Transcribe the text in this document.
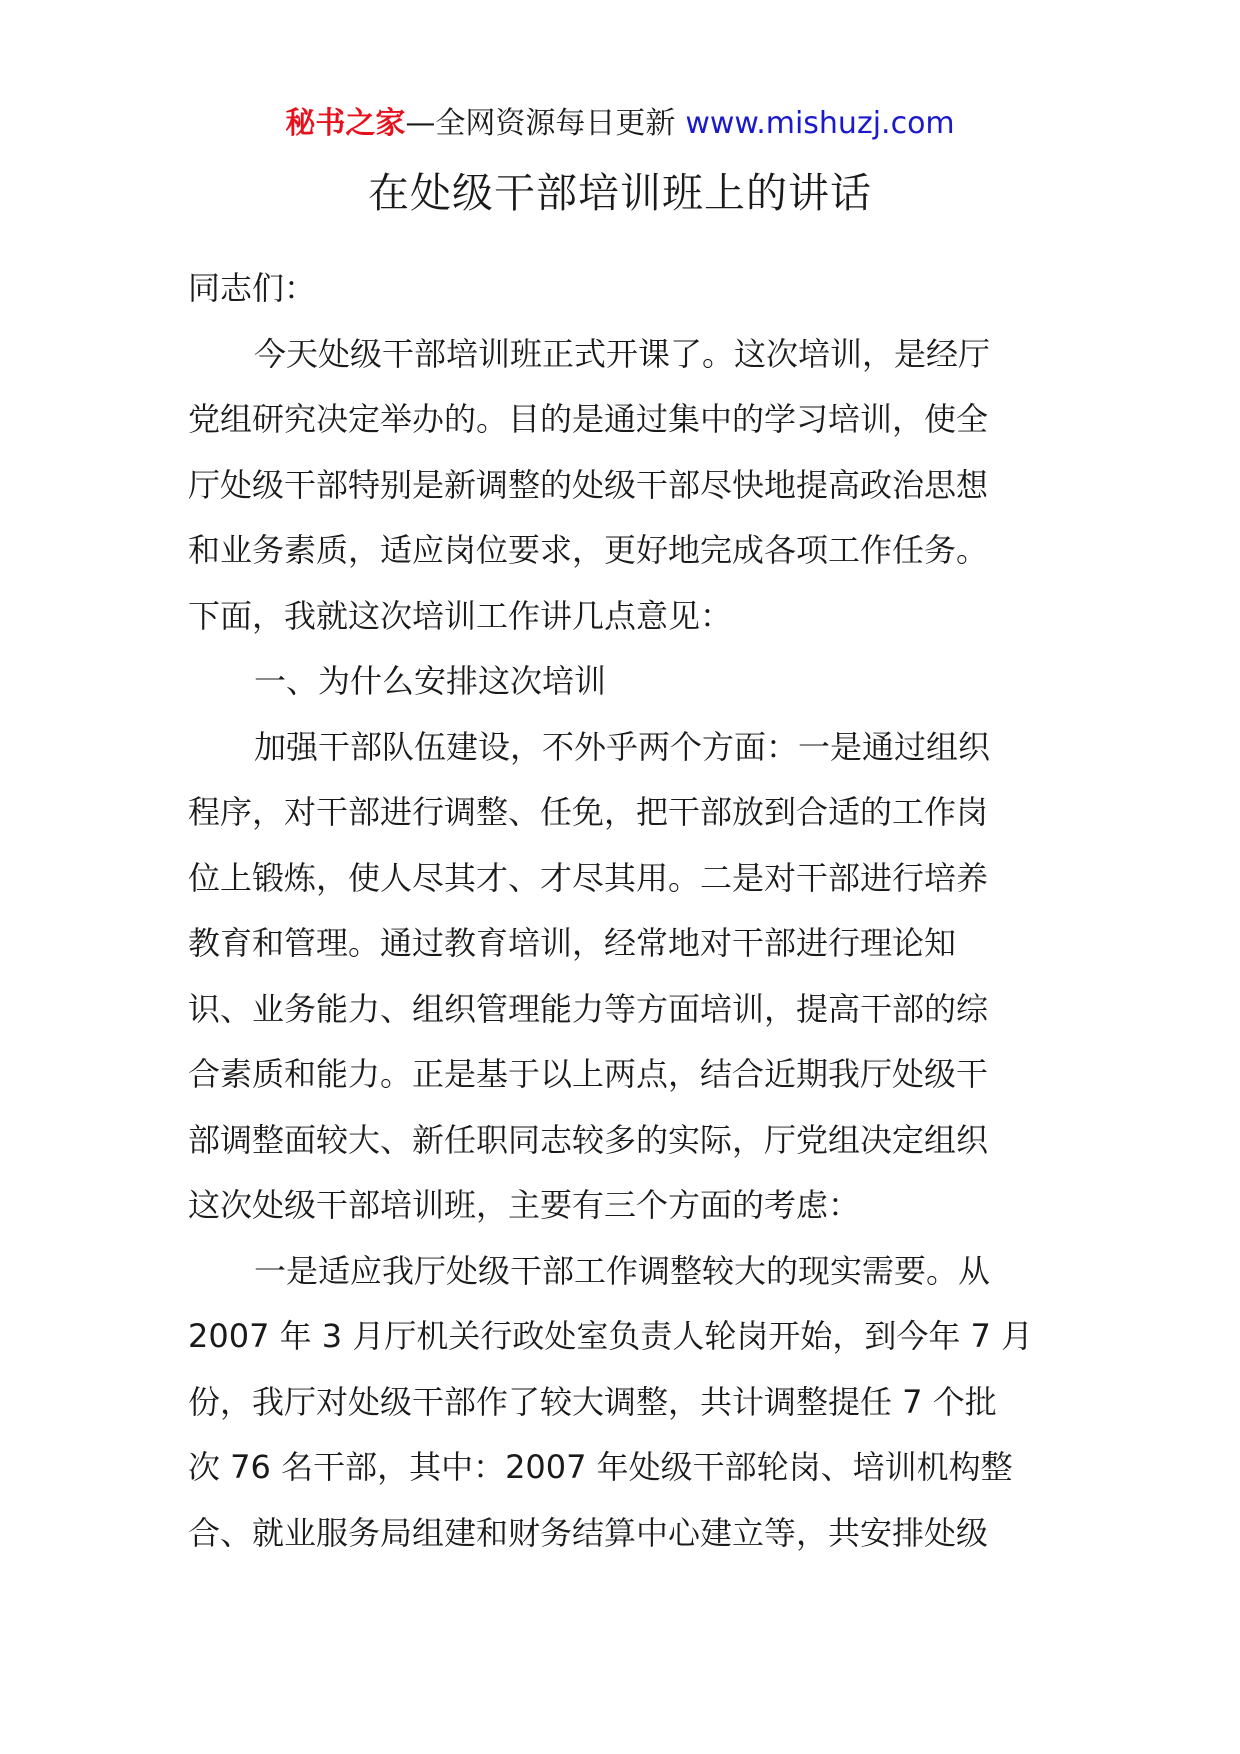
秘书之家—全网资源每日更新 www.mishuzj.com
在处级干部培训班上的讲话
同志们：
今天处级干部培训班正式开课了。这次培训，是经厅
党组研究决定举办的。目的是通过集中的学习培训，使全
厅处级干部特别是新调整的处级干部尽快地提高政治思想
和业务素质，适应岗位要求，更好地完成各项工作任务。
下面，我就这次培训工作讲几点意见：
一、为什么安排这次培训
加强干部队伍建设，不外乎两个方面：一是通过组织
程序，对干部进行调整、任免，把干部放到合适的工作岗
位上锻炼，使人尽其才、才尽其用。二是对干部进行培养
教育和管理。通过教育培训，经常地对干部进行理论知
识、业务能力、组织管理能力等方面培训，提高干部的综
合素质和能力。正是基于以上两点，结合近期我厅处级干
部调整面较大、新任职同志较多的实际，厅党组决定组织
这次处级干部培训班，主要有三个方面的考虑：
一是适应我厅处级干部工作调整较大的现实需要。从
2007 年 3 月厅机关行政处室负责人轮岗开始，到今年 7 月
份，我厅对处级干部作了较大调整，共计调整提任 7 个批
次 76 名干部，其中：2007 年处级干部轮岗、培训机构整
合、就业服务局组建和财务结算中心建立等，共安排处级
